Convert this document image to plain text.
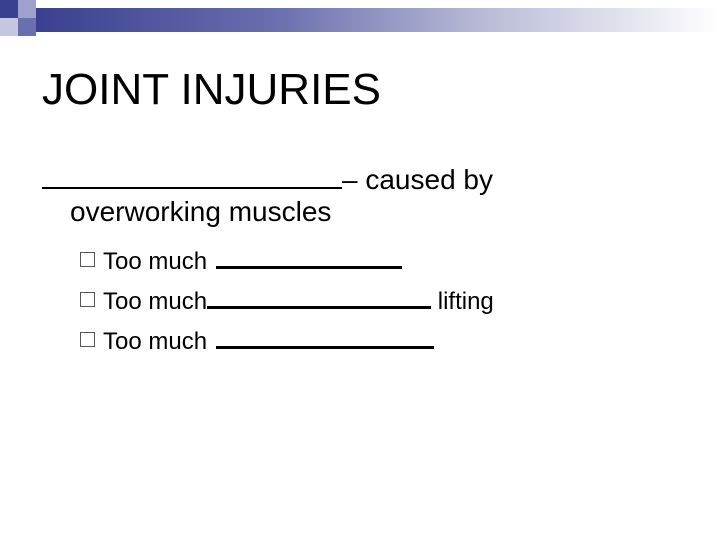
JOINT INJURIES
– caused by
overworking muscles
Too much
Too much	lifting
Too much
